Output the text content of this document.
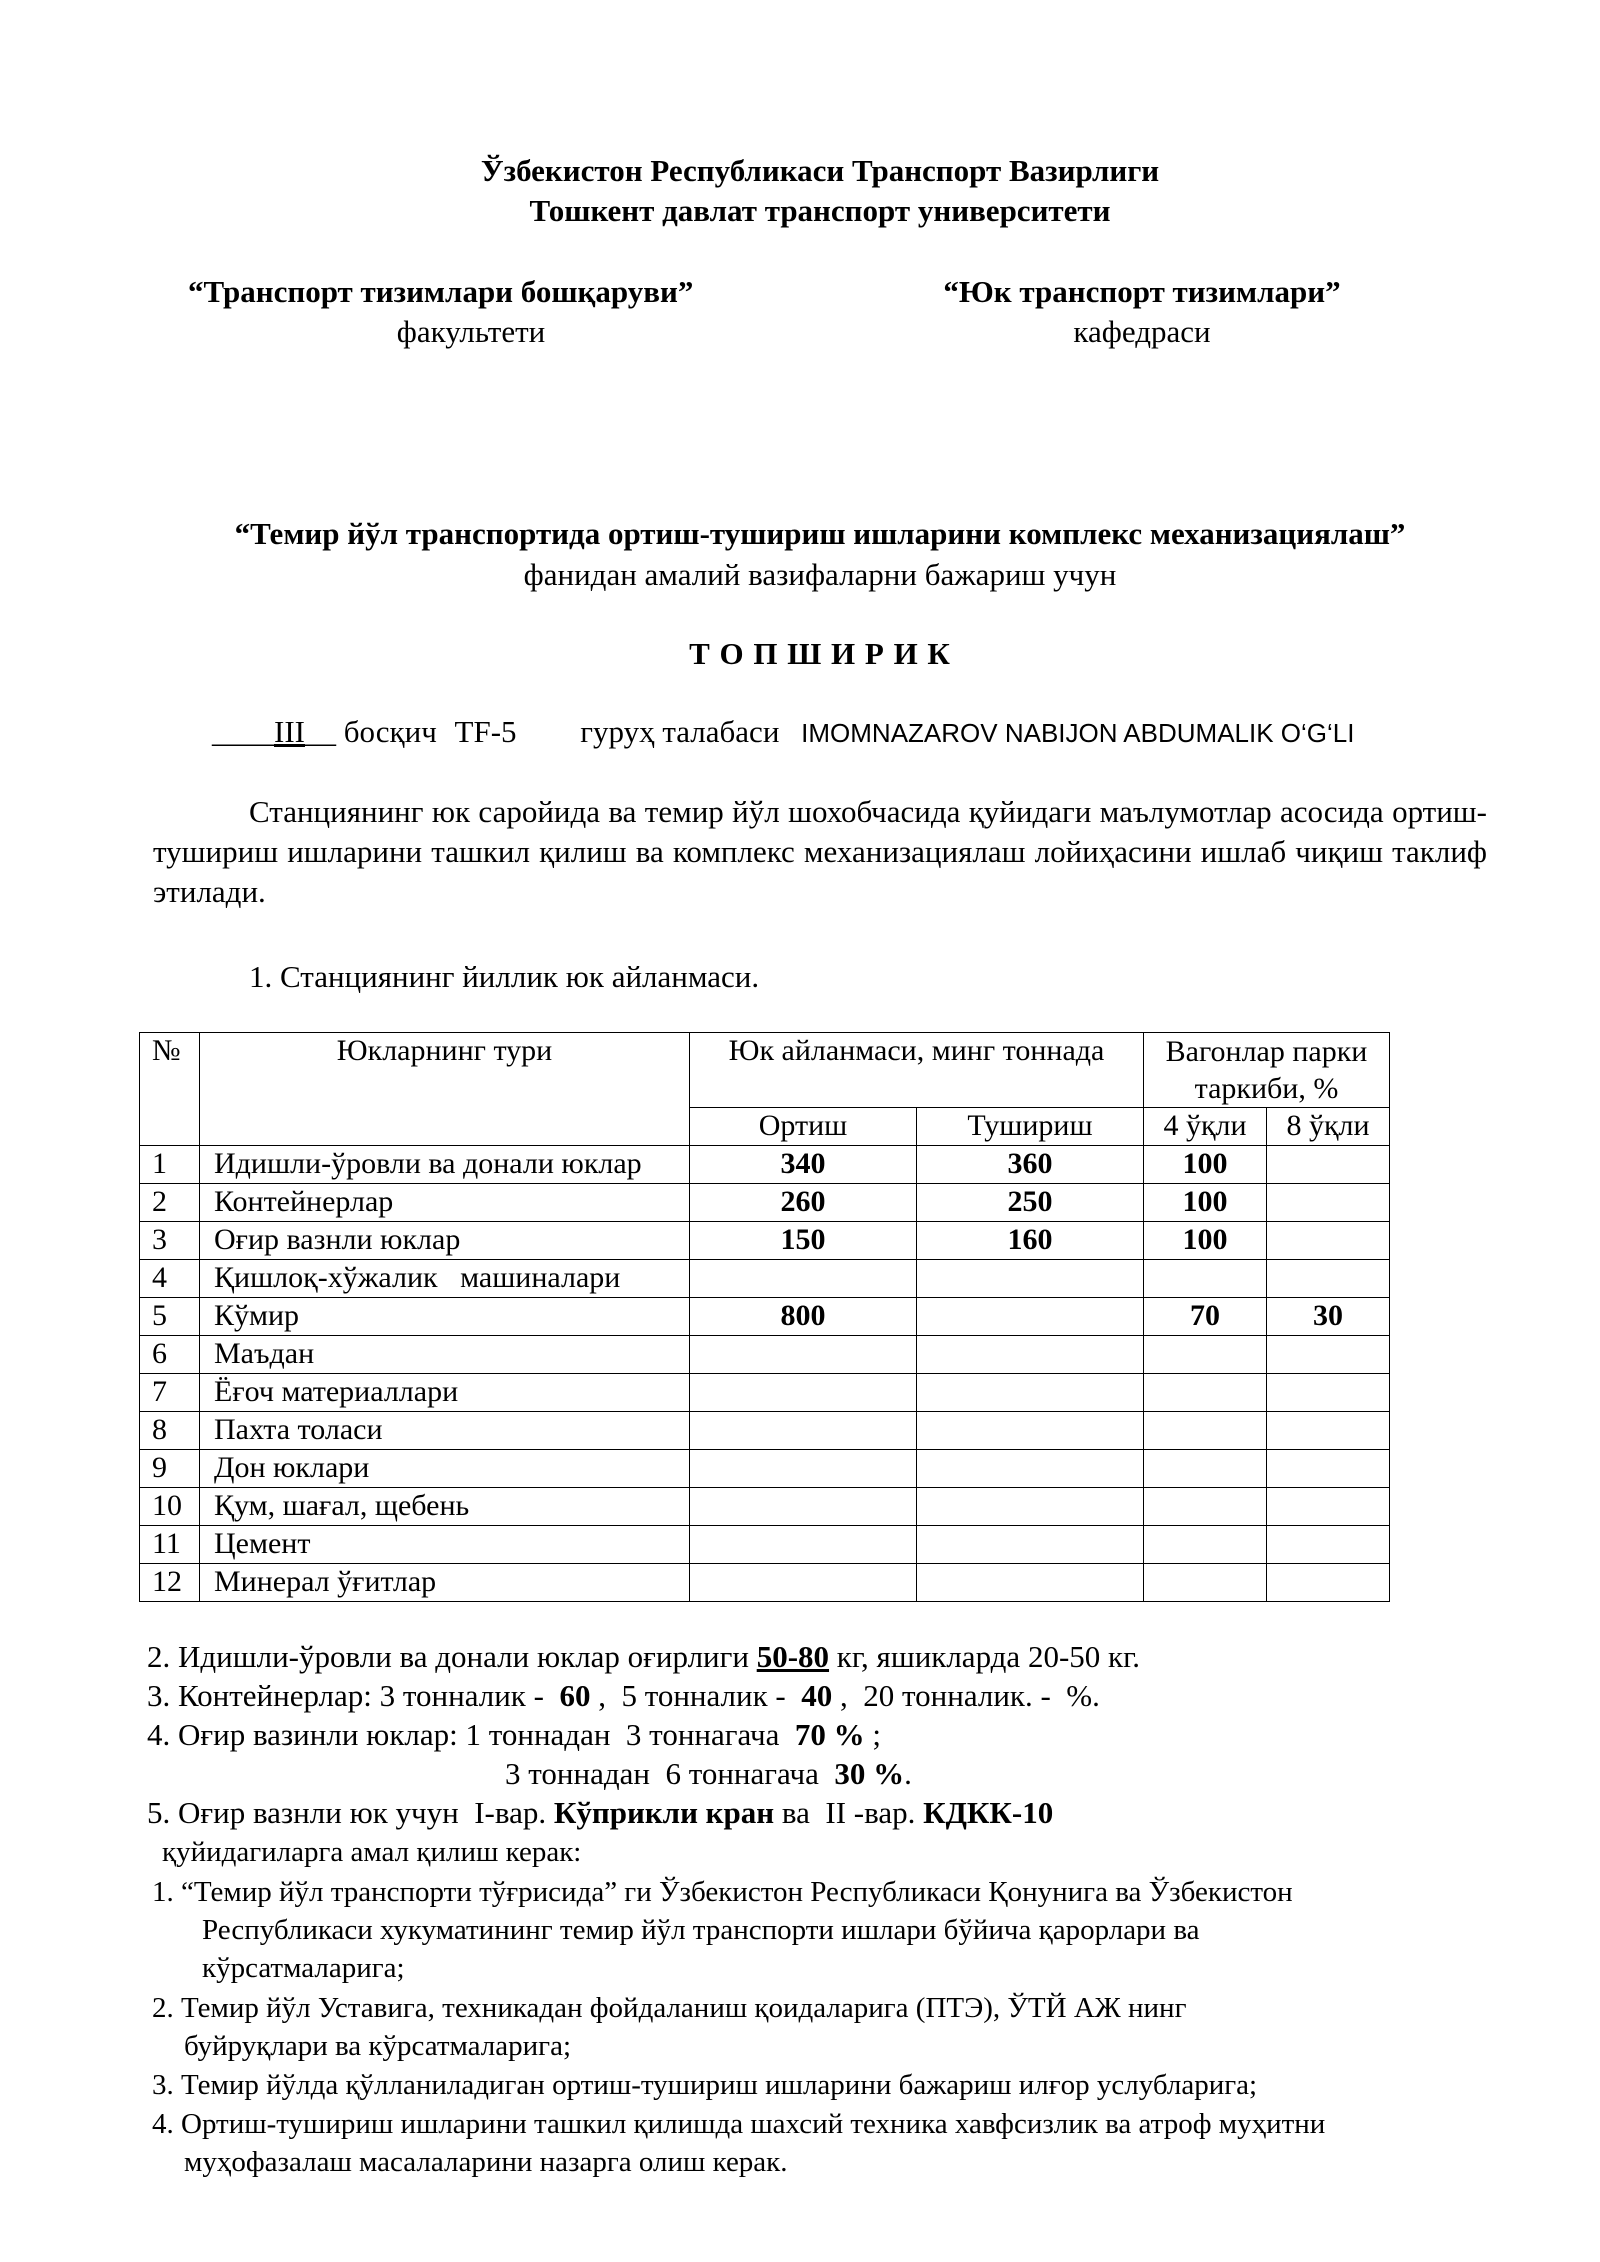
Ўзбекистон Республикаси Транспорт Вазирлиги
Тошкент давлат транспорт университети
“Транспорт тизимлари бошқаруви”
факультети
“Юк транспорт тизимлари”
кафедраси
“Темир йўл транспортида ортиш-тушириш ишларини комплекс механизациялаш”
фанидан амалий вазифаларни бажариш учун
Т О П Ш И Р И К
____III__ босқич TF-5 гуруҳ талабаси IMOMNAZAROV NABIJON ABDUMALIK O‘G‘LI
Станциянинг юк саройида ва темир йўл шохобчасида қуйидаги маълумотлар асосида ортиш-тушириш ишларини ташкил қилиш ва комплекс механизациялаш лойиҳасини ишлаб чиқиш таклиф этилади.
1. Станциянинг йиллик юк айланмаси.
№	Юкларнинг тури	Юк айланмаси, минг тоннада		Вагонлар парки таркиби, %	
		Ортиш	Тушириш	4 ўқли	8 ўқли
1	Идишли-ўровли ва донали юклар	340	360	100	
2	Контейнерлар	260	250	100	
3	Оғир вазнли юклар	150	160	100	
4	Қишлоқ-хўжалик   машиналари				
5	Кўмир	800		70	30
6	Маъдан				
7	Ёғоч материаллари				
8	Пахта толаси				
9	Дон юклари				
10	Қум, шағал, щебень				
11	Цемент				
12	Минерал ўғитлар				
2. Идишли-ўровли ва донали юклар оғирлиги 50-80 кг, яшикларда 20-50 кг.
3. Контейнерлар: 3 тонналик -  60 ,  5 тонналик -  40 ,  20 тонналик. -  %.
4. Оғир вазинли юклар: 1 тоннадан  3 тоннагача  70 % ;
3 тоннадан  6 тоннагача  30 %.
5. Оғир вазнли юк учун  I-вар. Кўприкли кран ва  II -вар. КДКК-10
қуйидагиларга амал қилиш керак:
1. “Темир йўл транспорти тўғрисида” ги Ўзбекистон Республикаси Қонунига ва Ўзбекистон
Республикаси хукуматининг темир йўл транспорти ишлари бўйича қарорлари ва
кўрсатмаларига;
2. Темир йўл Уставига, техникадан фойдаланиш қоидаларига (ПТЭ), ЎТЙ АЖ нинг
буйруқлари ва кўрсатмаларига;
3. Темир йўлда қўлланиладиган ортиш-тушириш ишларини бажариш илғор услубларига;
4. Ортиш-тушириш ишларини ташкил қилишда шахсий техника хавфсизлик ва атроф муҳитни
муҳофазалаш масалаларини назарга олиш керак.
